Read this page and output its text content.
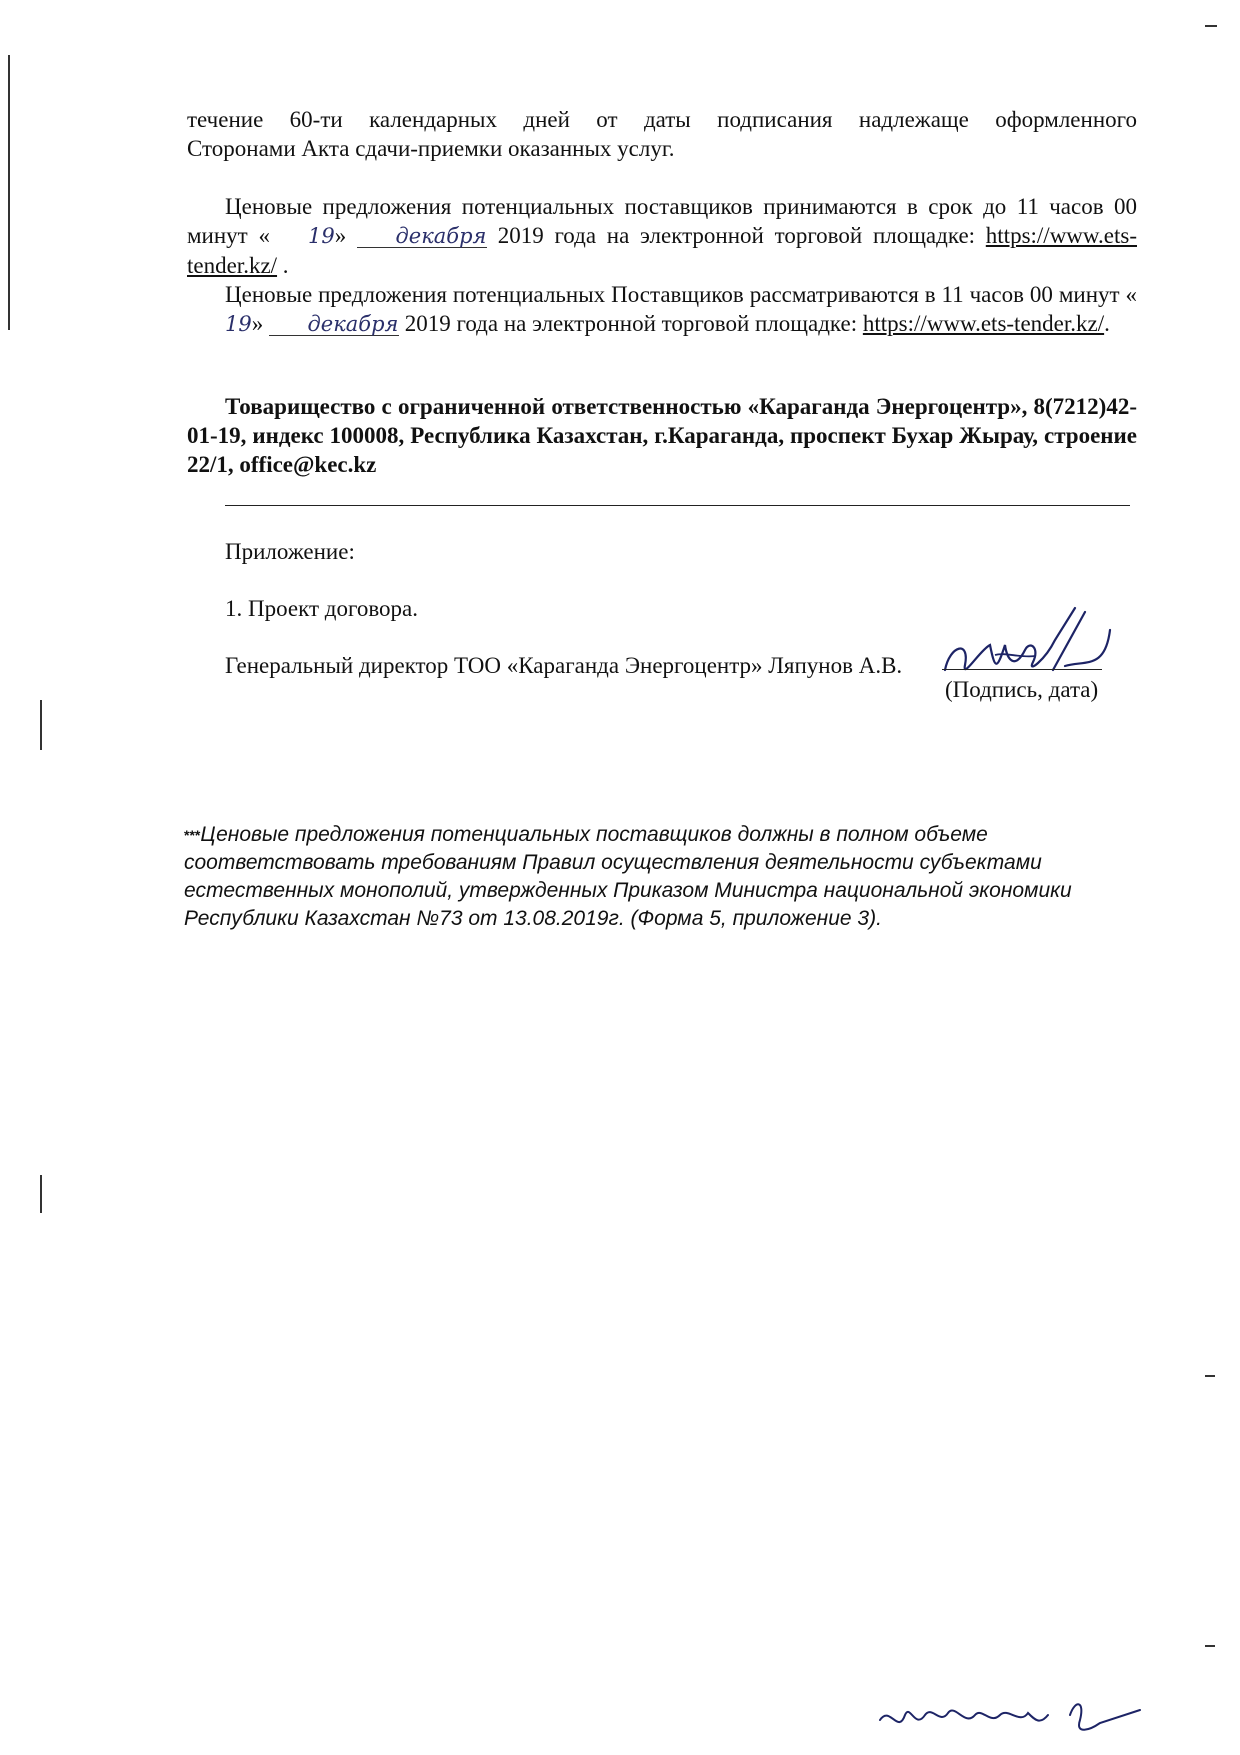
течение 60-ти календарных дней от даты подписания надлежаще оформленного
Сторонами Акта сдачи-приемки оказанных услуг.
Ценовые предложения потенциальных поставщиков принимаются в срок до 11 часов 00 минут « 19» декабря 2019 года на электронной торговой площадке: https://www.ets-tender.kz/ .
Ценовые предложения потенциальных Поставщиков рассматриваются в 11 часов 00 минут «19» декабря 2019 года на электронной торговой площадке: https://www.ets-tender.kz/.
Товарищество с ограниченной ответственностью «Караганда Энергоцентр», 8(7212)42-01-19, индекс 100008, Республика Казахстан, г.Караганда, проспект Бухар Жырау, строение 22/1, office@kec.kz
Приложение:
1. Проект договора.
Генеральный директор ТОО «Караганда Энергоцентр» Ляпунов А.В.
(Подпись, дата)
***Ценовые предложения потенциальных поставщиков должны в полном объеме соответствовать требованиям Правил осуществления деятельности субъектами естественных монополий, утвержденных Приказом Министра национальной экономики Республики Казахстан №73 от 13.08.2019г. (Форма 5, приложение 3).
